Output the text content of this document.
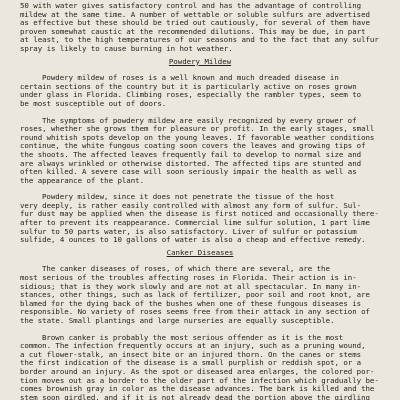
50 with water gives satisfactory control and has the advantage of controlling
mildew at the same time. A number of wettable or soluble sulfurs are advertised
as effective but these should be tried out cautiously, for several of them have
proven somewhat caustic at the recommended dilutions. This may be due, in part
at least, to the high temperatures of our seasons and to the fact that any sulfur
spray is likely to cause burning in hot weather.
Powdery Mildew
Powdery mildew of roses is a well known and much dreaded disease in
certain sections of the country but it is particularly active on roses grown
under glass in Florida. Climbing roses, especially the rambler types, seem to
be most susceptible out of doors.
The symptoms of powdery mildew are easily recognized by every grower of
roses, whether she grows them for pleasure or profit. In the early stages, small
round whitish spots develop on the young leaves. If favorable weather conditions
continue, the white fungous coating soon covers the leaves and growing tips of
the shoots. The affected leaves frequently fail to develop to normal size and
are always wrinkled or otherwise distorted. The affected tips are stunted and
often killed. A severe case will soon seriously impair the health as well as
the appearance of the plant.
Powdery mildew, since it does not penetrate the tissue of the host
very deeply, is rather easily controlled with almost any form of sulfur. Sul-
fur dust may be applied when the disease is first noticed and occasionally there-
after to prevent its reappearance. Commercial lime sulfur solution, 1 part lime
sulfur to 50 parts water, is also satisfactory. Liver of sulfur or potassium
sulfide, 4 ounces to 10 gallons of water is also a cheap and effective remedy.
Canker Diseases
The canker diseases of roses, of which there are several, are the
most serious of the troubles affecting roses in Florida. Their action is in-
sidious; that is they work slowly and are not at all spectacular. In many in-
stances, other things, such as lack of fertilizer, poor soil and root knot, are
blamed for the dying back of the bushes when one of these fungous diseases is
responsible. No variety of roses seems free from their attack in any section of
the state. Small plantings and large nurseries are equally susceptible.
Brown canker is probably the most serious offender as it is the most
common. The infection frequently occurs at an injury, such as a pruning wound,
a cut flower-stalk, an insect bite or an injured thorn. On the canes or stems
the first indication of the disease is a small purplish or reddish spot, or a
border around an injury. As the spot or diseased area enlarges, the colored por-
tion moves out as a border to the older part of the infection which gradually be-
comes brownish gray in color as the disease advances. The bark is killed and the
stem soon girdled, and if it is not already dead the portion above the girdling
